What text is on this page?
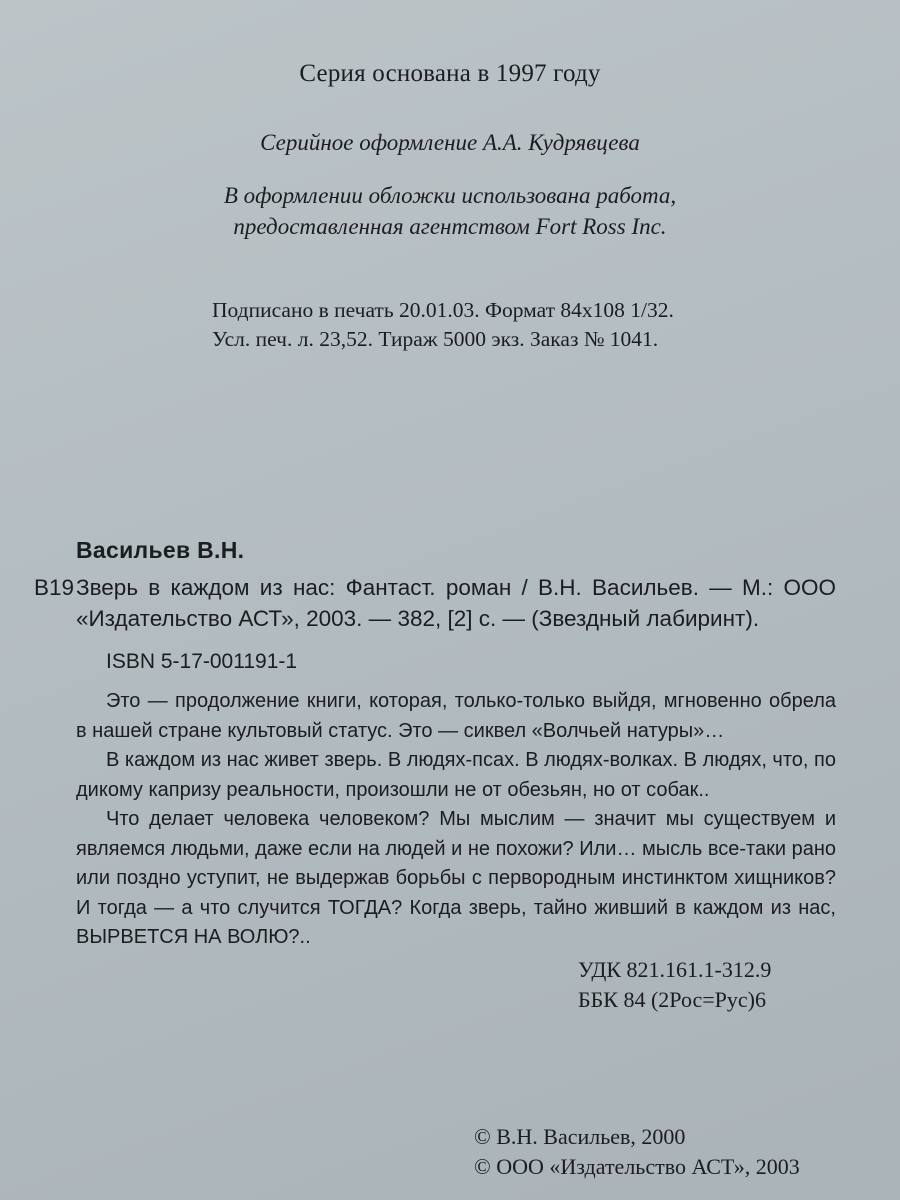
Серия основана в 1997 году
Серийное оформление А.А. Кудрявцева
В оформлении обложки использована работа,
предоставленная агентством Fort Ross Inc.
Подписано в печать 20.01.03. Формат 84x108 1/32.
Усл. печ. л. 23,52. Тираж 5000 экз. Заказ № 1041.
Васильев В.Н.
В19 Зверь в каждом из нас: Фантаст. роман / В.Н. Васильев. — М.: ООО «Издательство АСТ», 2003. — 382, [2] с. — (Звездный лабиринт).
ISBN 5-17-001191-1

Это — продолжение книги, которая, только-только выйдя, мгновенно обрела в нашей стране культовый статус. Это — сиквел «Волчьей натуры»…

В каждом из нас живет зверь. В людях-псах. В людях-волках. В людях, что, по дикому капризу реальности, произошли не от обезьян, но от собак..

Что делает человека человеком? Мы мыслим — значит мы существуем и являемся людьми, даже если на людей и не похожи? Или… мысль все-таки рано или поздно уступит, не выдержав борьбы с первородным инстинктом хищников? И тогда — а что случится ТОГДА? Когда зверь, тайно живший в каждом из нас, ВЫРВЕТСЯ НА ВОЛЮ?..

УДК 821.161.1-312.9
ББК 84 (2Рос=Рус)6
© В.Н. Васильев, 2000
© ООО «Издательство АСТ», 2003
